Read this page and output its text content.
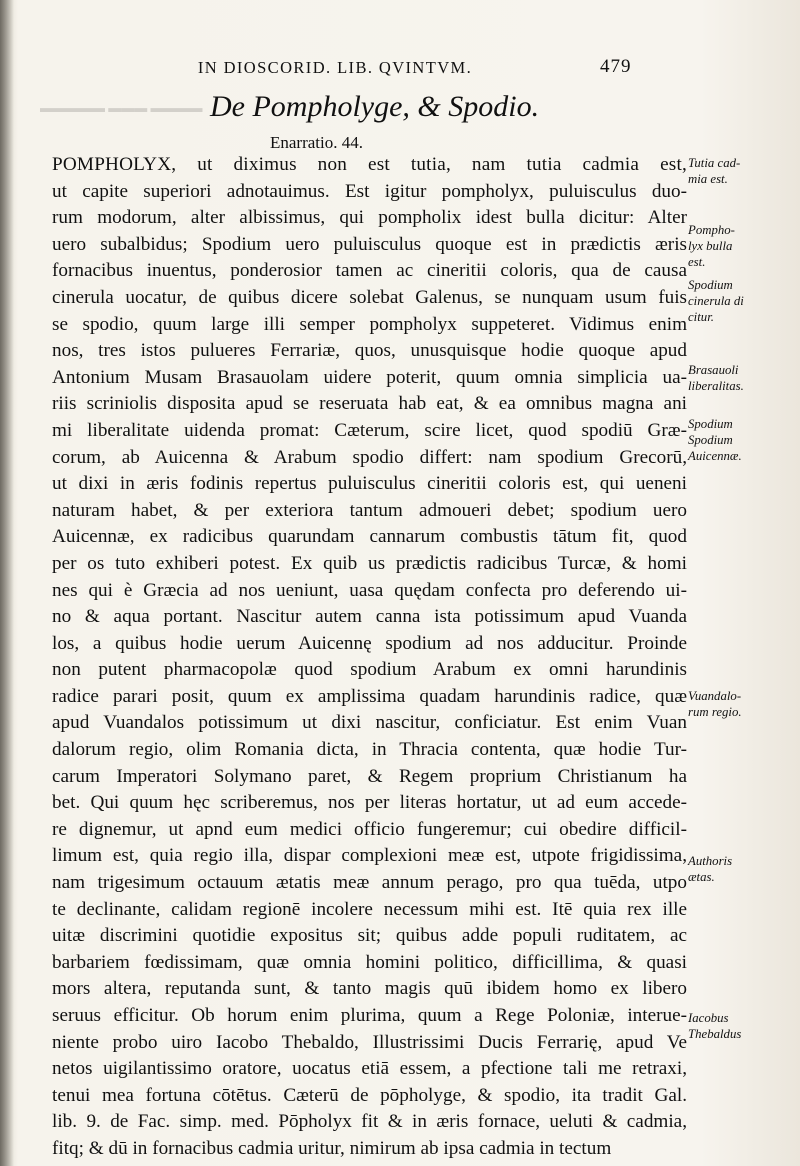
▬▬▬▬ ▬▬▬ ▬▬▬▬▬
IN DIOSCORID. LIB. QVINTVM.	479
De Pompholyge, & Spodio.
Enarratio. 44.
POMPHOLYX, ut diximus non est tutia, nam tutia cadmia est,
ut capite superiori adnotauimus. Est igitur pompholyx, puluisculus duo-
rum modorum, alter albissimus, qui pompholix idest bulla dicitur: Alter
uero subalbidus; Spodium uero puluisculus quoque est in prædictis æris
fornacibus inuentus, ponderosior tamen ac cineritii coloris, qua de causa
cinerula uocatur, de quibus dicere solebat Galenus, se nunquam usum fuis
se spodio, quum large illi semper pompholyx suppeteret. Vidimus enim
nos, tres istos pulueres Ferrariæ, quos, unusquisque hodie quoque apud
Antonium Musam Brasauolam uidere poterit, quum omnia simplicia ua-
riis scriniolis disposita apud se reseruata hab eat, & ea omnibus magna ani
mi liberalitate uidenda promat: Cæterum, scire licet, quod spodiū Græ-
corum, ab Auicenna & Arabum spodio differt: nam spodium Grecorū,
ut dixi in æris fodinis repertus puluisculus cineritii coloris est, qui ueneni
naturam habet, & per exteriora tantum admoueri debet; spodium uero
Auicennæ, ex radicibus quarundam cannarum combustis tātum fit, quod
per os tuto exhiberi potest. Ex quib us prædictis radicibus Turcæ, & homi
nes qui è Græcia ad nos ueniunt, uasa quędam confecta pro deferendo ui-
no & aqua portant. Nascitur autem canna ista potissimum apud Vuanda
los, a quibus hodie uerum Auicennę spodium ad nos adducitur. Proinde
non putent pharmacopolæ quod spodium Arabum ex omni harundinis
radice parari posit, quum ex amplissima quadam harundinis radice, quæ
apud Vuandalos potissimum ut dixi nascitur, conficiatur. Est enim Vuan
dalorum regio, olim Romania dicta, in Thracia contenta, quæ hodie Tur-
carum Imperatori Solymano paret, & Regem proprium Christianum ha
bet. Qui quum hęc scriberemus, nos per literas hortatur, ut ad eum accede-
re dignemur, ut apnd eum medici officio fungeremur; cui obedire difficil-
limum est, quia regio illa, dispar complexioni meæ est, utpote frigidissima,
nam trigesimum octauum ætatis meæ annum perago, pro qua tuēda, utpo
te declinante, calidam regionē incolere necessum mihi est. Itē quia rex ille
uitæ discrimini quotidie expositus sit; quibus adde populi ruditatem, ac
barbariem fœdissimam, quæ omnia homini politico, difficillima, & quasi
mors altera, reputanda sunt, & tanto magis quū ibidem homo ex libero
seruus efficitur. Ob horum enim plurima, quum a Rege Poloniæ, interue-
niente probo uiro Iacobo Thebaldo, Illustrissimi Ducis Ferrarię, apud Ve
netos uigilantissimo oratore, uocatus etiā essem, a pfectione tali me retraxi,
tenui mea fortuna cōtētus. Cæterū de pōpholyge, & spodio, ita tradit Gal.
lib. 9. de Fac. simp. med. Pōpholyx fit & in æris fornace, ueluti & cadmia,
fitq; & dū in fornacibus cadmia uritur, nimirum ab ipsa cadmia in tectum
Tutia cad-
mia est.
Pompho-
lyx bulla
est.
Spodium
cinerula di
citur.
Brasauoli
liberalitas.
Spodium
Spodium
Auicennæ.
Vuandalo-
rum regio.
Authoris
ætas.
Iacobus
Thebaldus
